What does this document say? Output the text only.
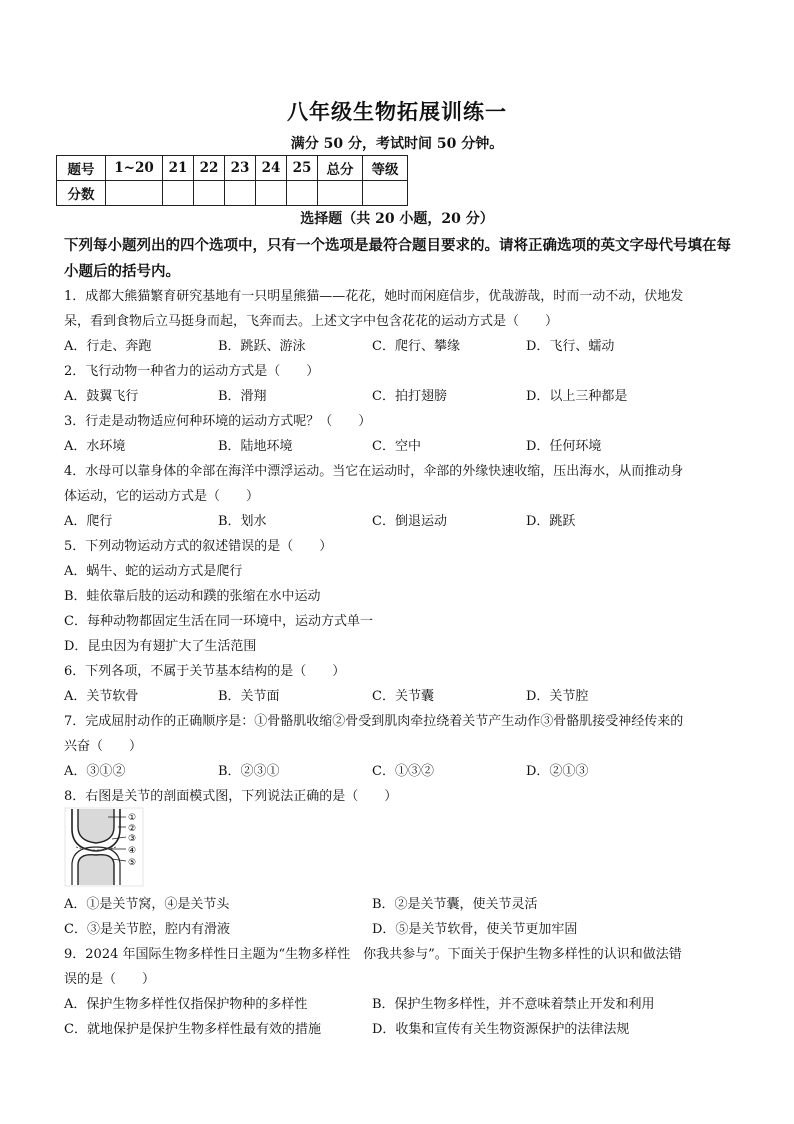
八年级生物拓展训练一
满分 50 分，考试时间 50 分钟。
题号	1~20	21	22	23	24	25	总分	等级
分数								
选择题（共 20 小题，20 分）
下列每小题列出的四个选项中，只有一个选项是最符合题目要求的。请将正确选项的英文字母代号填在每小题后的括号内。
1．成都大熊猫繁育研究基地有一只明星熊猫——花花，她时而闲庭信步，优哉游哉，时而一动不动，伏地发
呆，看到食物后立马挺身而起，飞奔而去。上述文字中包含花花的运动方式是（　　）
A．行走、奔跑	B．跳跃、游泳	C．爬行、攀缘	D．飞行、蠕动
2．飞行动物一种省力的运动方式是（　　）
A．鼓翼飞行	B．滑翔	C．拍打翅膀	D．以上三种都是
3．行走是动物适应何种环境的运动方式呢？（　　）
A．水环境	B．陆地环境	C．空中	D．任何环境
4．水母可以靠身体的伞部在海洋中漂浮运动。当它在运动时，伞部的外缘快速收缩，压出海水，从而推动身
体运动，它的运动方式是（　　）
A．爬行	B．划水	C．倒退运动	D．跳跃
5．下列动物运动方式的叙述错误的是（　　）
A．蜗牛、蛇的运动方式是爬行
B．蛙依靠后肢的运动和蹼的张缩在水中运动
C．每种动物都固定生活在同一环境中，运动方式单一
D．昆虫因为有翅扩大了生活范围
6．下列各项，不属于关节基本结构的是（　　）
A．关节软骨	B．关节面	C．关节囊	D．关节腔
7．完成屈肘动作的正确顺序是：①骨骼肌收缩②骨受到肌肉牵拉绕着关节产生动作③骨骼肌接受神经传来的
兴奋（　　）
A．③①②	B．②③①	C．①③②	D．②①③
8．右图是关节的剖面模式图，下列说法正确的是（　　）
①
②
③
④
⑤
A．①是关节窝，④是关节头	B．②是关节囊，使关节灵活
C．③是关节腔，腔内有滑液	D．⑤是关节软骨，使关节更加牢固
9．2024 年国际生物多样性日主题为“生物多样性　你我共参与”。下面关于保护生物多样性的认识和做法错
误的是（　　）
A．保护生物多样性仅指保护物种的多样性	B．保护生物多样性，并不意味着禁止开发和利用
C．就地保护是保护生物多样性最有效的措施	D．收集和宣传有关生物资源保护的法律法规
